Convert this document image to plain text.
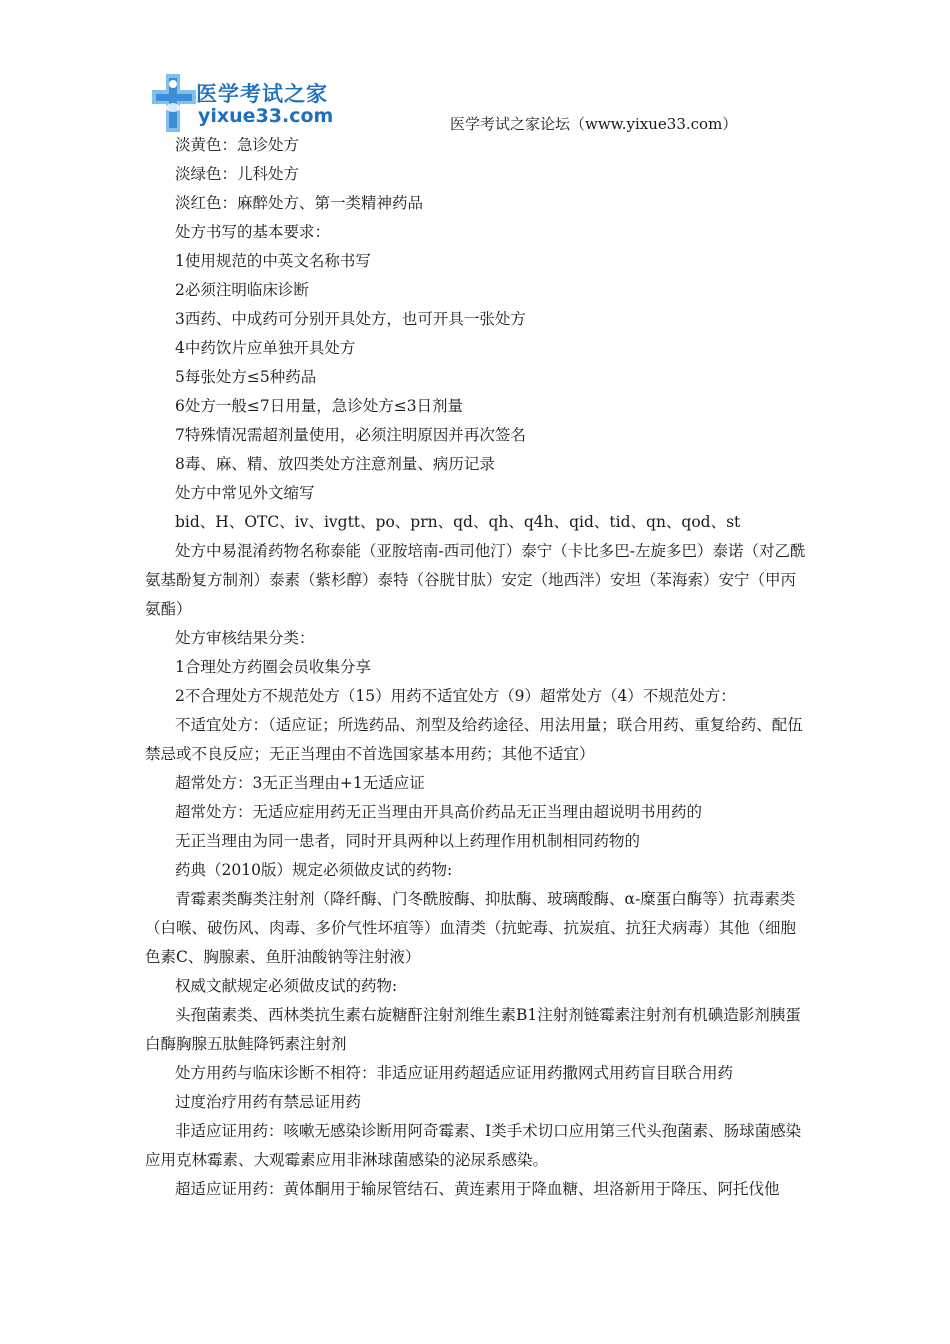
医学考试之家
yixue33.com	医学考试之家论坛（www.yixue33.com）

淡黄色：急诊处方

淡绿色：儿科处方

淡红色：麻醉处方、第一类精神药品

处方书写的基本要求：

1使用规范的中英文名称书写

2必须注明临床诊断

3西药、中成药可分别开具处方，也可开具一张处方

4中药饮片应单独开具处方

5每张处方≤5种药品

6处方一般≤7日用量，急诊处方≤3日剂量

7特殊情况需超剂量使用，必须注明原因并再次签名

8毒、麻、精、放四类处方注意剂量、病历记录

处方中常见外文缩写

bid、H、OTC、iv、ivgtt、po、prn、qd、qh、q4h、qid、tid、qn、qod、st

处方中易混淆药物名称泰能（亚胺培南-西司他汀）泰宁（卡比多巴-左旋多巴）泰诺（对乙酰氨基酚复方制剂）泰素（紫杉醇）泰特（谷胱甘肽）安定（地西泮）安坦（苯海索）安宁（甲丙氨酯）

处方审核结果分类：

1合理处方药圈会员收集分享

2不合理处方不规范处方（15）用药不适宜处方（9）超常处方（4）不规范处方：

不适宜处方：（适应证；所选药品、剂型及给药途径、用法用量；联合用药、重复给药、配伍禁忌或不良反应；无正当理由不首选国家基本用药；其他不适宜）

超常处方：3无正当理由+1无适应证

超常处方：无适应症用药无正当理由开具高价药品无正当理由超说明书用药的

无正当理由为同一患者，同时开具两种以上药理作用机制相同药物的

药典（2010版）规定必须做皮试的药物:

青霉素类酶类注射剂（降纤酶、门冬酰胺酶、抑肽酶、玻璃酸酶、α-糜蛋白酶等）抗毒素类（白喉、破伤风、肉毒、多价气性坏疽等）血清类（抗蛇毒、抗炭疽、抗狂犬病毒）其他（细胞色素C、胸腺素、鱼肝油酸钠等注射液）

权威文献规定必须做皮试的药物:

头孢菌素类、西林类抗生素右旋糖酐注射剂维生素B1注射剂链霉素注射剂有机碘造影剂胰蛋白酶胸腺五肽鲑降钙素注射剂

处方用药与临床诊断不相符：非适应证用药超适应证用药撒网式用药盲目联合用药

过度治疗用药有禁忌证用药

非适应证用药：咳嗽无感染诊断用阿奇霉素、Ⅰ类手术切口应用第三代头孢菌素、肠球菌感染应用克林霉素、大观霉素应用非淋球菌感染的泌尿系感染。

超适应证用药：黄体酮用于输尿管结石、黄连素用于降血糖、坦洛新用于降压、阿托伐他
